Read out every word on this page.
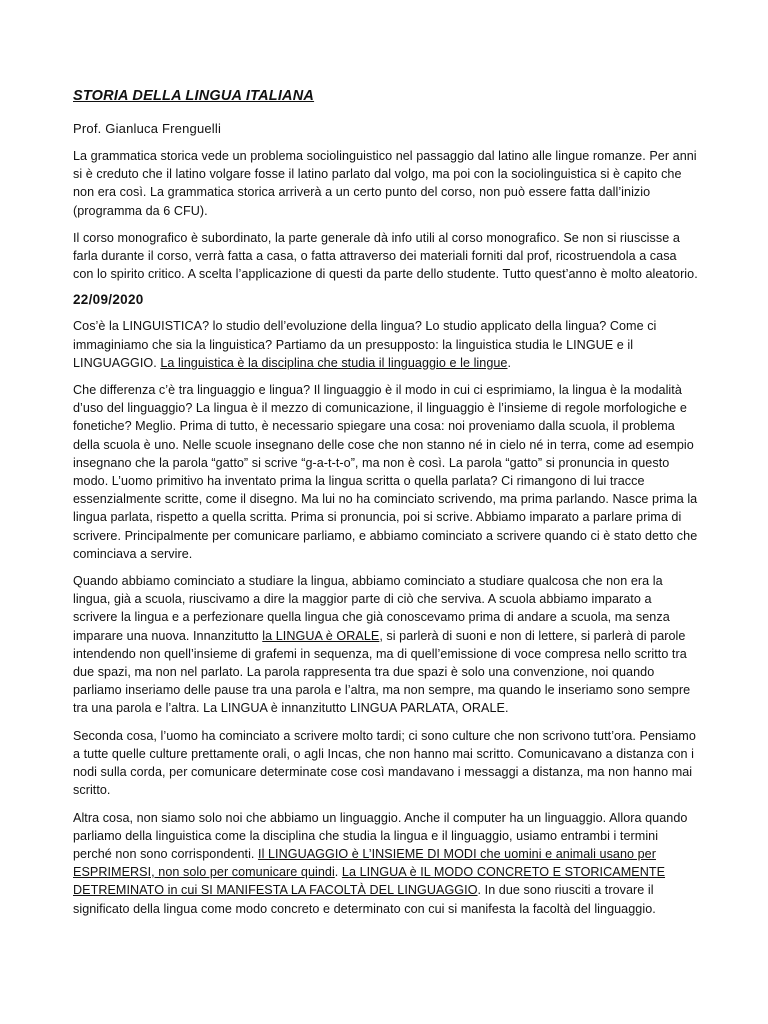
STORIA DELLA LINGUA ITALIANA
Prof. Gianluca Frenguelli

La grammatica storica vede un problema sociolinguistico nel passaggio dal latino alle lingue romanze. Per anni si è creduto che il latino volgare fosse il latino parlato dal volgo, ma poi con la sociolinguistica si è capito che non era così. La grammatica storica arriverà a un certo punto del corso, non può essere fatta dall’inizio (programma da 6 CFU).

Il corso monografico è subordinato, la parte generale dà info utili al corso monografico. Se non si riuscisse a farla durante il corso, verrà fatta a casa, o fatta attraverso dei materiali forniti dal prof, ricostruendola a casa con lo spirito critico. A scelta l’applicazione di questi da parte dello studente. Tutto quest’anno è molto aleatorio.

22/09/2020

Cos’è la LINGUISTICA? lo studio dell’evoluzione della lingua? Lo studio applicato della lingua? Come ci immaginiamo che sia la linguistica? Partiamo da un presupposto: la linguistica studia le LINGUE e il LINGUAGGIO. La linguistica è la disciplina che studia il linguaggio e le lingue.

Che differenza c’è tra linguaggio e lingua? Il linguaggio è il modo in cui ci esprimiamo, la lingua è la modalità d’uso del linguaggio? La lingua è il mezzo di comunicazione, il linguaggio è l’insieme di regole morfologiche e fonetiche? Meglio. Prima di tutto, è necessario spiegare una cosa: noi proveniamo dalla scuola, il problema della scuola è uno. Nelle scuole insegnano delle cose che non stanno né in cielo né in terra, come ad esempio insegnano che la parola “gatto” si scrive “g-a-t-t-o”, ma non è così. La parola “gatto” si pronuncia in questo modo. L’uomo primitivo ha inventato prima la lingua scritta o quella parlata? Ci rimangono di lui tracce essenzialmente scritte, come il disegno. Ma lui no ha cominciato scrivendo, ma prima parlando. Nasce prima la lingua parlata, rispetto a quella scritta. Prima si pronuncia, poi si scrive. Abbiamo imparato a parlare prima di scrivere. Principalmente per comunicare parliamo, e abbiamo cominciato a scrivere quando ci è stato detto che cominciava a servire.

Quando abbiamo cominciato a studiare la lingua, abbiamo cominciato a studiare qualcosa che non era la lingua, già a scuola, riuscivamo a dire la maggior parte di ciò che serviva. A scuola abbiamo imparato a scrivere la lingua e a perfezionare quella lingua che già conoscevamo prima di andare a scuola, ma senza imparare una nuova. Innanzitutto la LINGUA è ORALE, si parlerà di suoni e non di lettere, si parlerà di parole intendendo non quell’insieme di grafemi in sequenza, ma di quell’emissione di voce compresa nello scritto tra due spazi, ma non nel parlato. La parola rappresenta tra due spazi è solo una convenzione, noi quando parliamo inseriamo delle pause tra una parola e l’altra, ma non sempre, ma quando le inseriamo sono sempre tra una parola e l’altra. La LINGUA è innanzitutto LINGUA PARLATA, ORALE.

Seconda cosa, l’uomo ha cominciato a scrivere molto tardi; ci sono culture che non scrivono tutt’ora. Pensiamo a tutte quelle culture prettamente orali, o agli Incas, che non hanno mai scritto. Comunicavano a distanza con i nodi sulla corda, per comunicare determinate cose così mandavano i messaggi a distanza, ma non hanno mai scritto.

Altra cosa, non siamo solo noi che abbiamo un linguaggio. Anche il computer ha un linguaggio. Allora quando parliamo della linguistica come la disciplina che studia la lingua e il linguaggio, usiamo entrambi i termini perché non sono corrispondenti. Il LINGUAGGIO è L’INSIEME DI MODI che uomini e animali usano per ESPRIMERSI, non solo per comunicare quindi. La LINGUA è IL MODO CONCRETO E STORICAMENTE DETREMINATO in cui SI MANIFESTA LA FACOLTÀ DEL LINGUAGGIO. In due sono riusciti a trovare il significato della lingua come modo concreto e determinato con cui si manifesta la facoltà del linguaggio.
